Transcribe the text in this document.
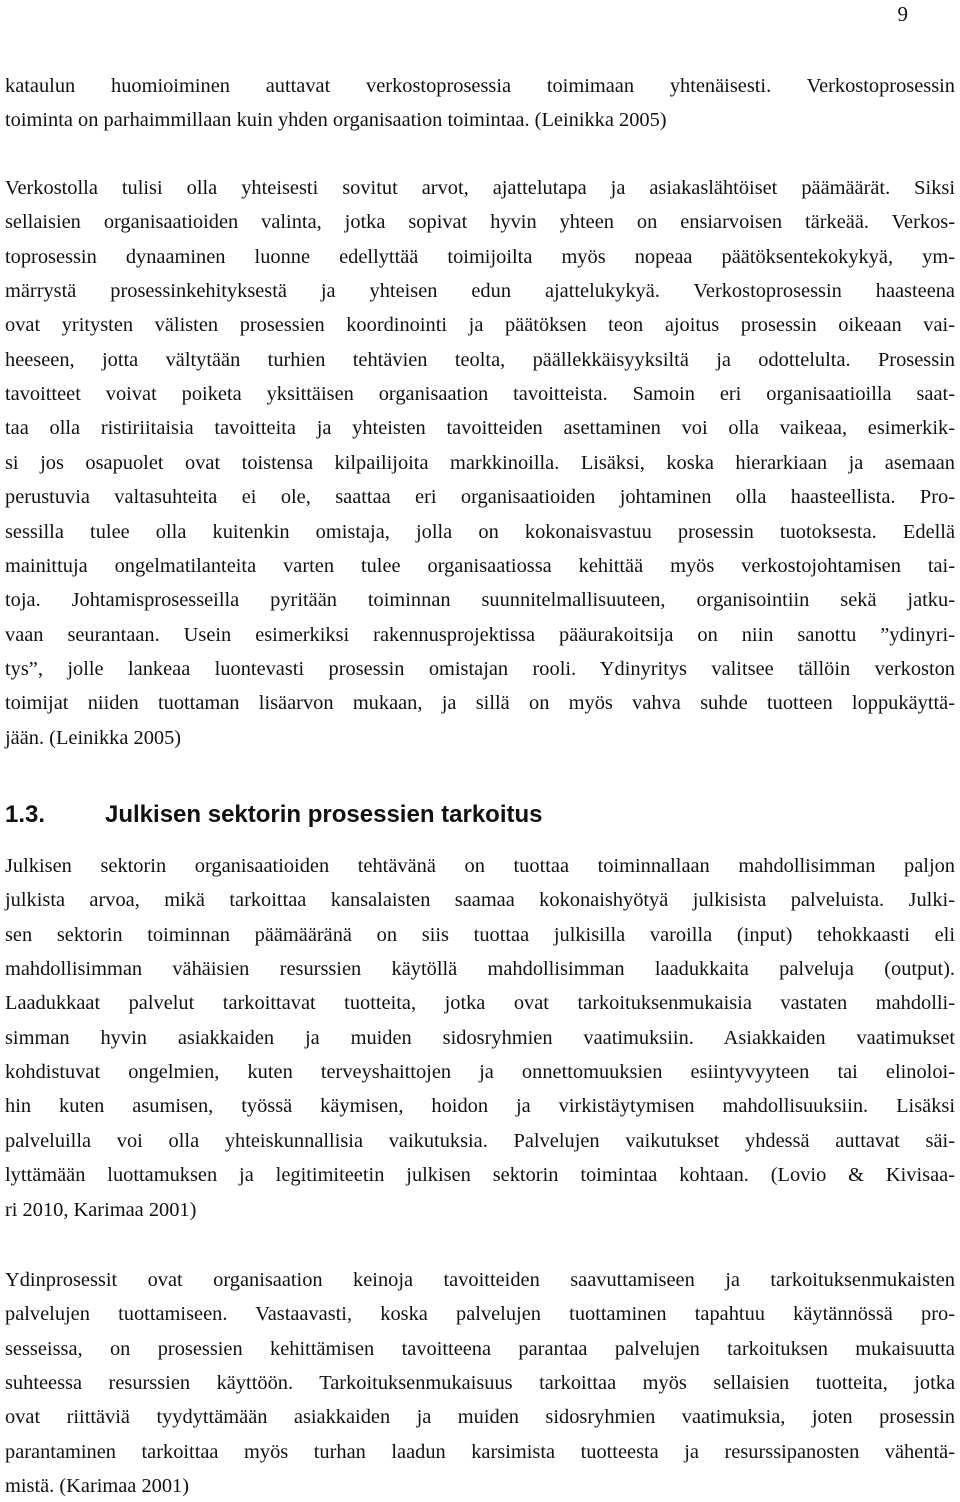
9
kataulun huomioiminen auttavat verkostoprosessia toimimaan yhtenäisesti. Verkostoprosessin
toiminta on parhaimmillaan kuin yhden organisaation toimintaa. (Leinikka 2005)
Verkostolla tulisi olla yhteisesti sovitut arvot, ajattelutapa ja asiakaslähtöiset päämäärät. Siksi
sellaisien organisaatioiden valinta, jotka sopivat hyvin yhteen on ensiarvoisen tärkeää. Verkos-
toprosessin dynaaminen luonne edellyttää toimijoilta myös nopeaa päätöksentekokykyä, ym-
märrystä prosessinkehityksestä ja yhteisen edun ajattelukykyä. Verkostoprosessin haasteena
ovat yritysten välisten prosessien koordinointi ja päätöksen teon ajoitus prosessin oikeaan vai-
heeseen, jotta vältytään turhien tehtävien teolta, päällekkäisyyksiltä ja odottelulta. Prosessin
tavoitteet voivat poiketa yksittäisen organisaation tavoitteista. Samoin eri organisaatioilla saat-
taa olla ristiriitaisia tavoitteita ja yhteisten tavoitteiden asettaminen voi olla vaikeaa, esimerkik-
si jos osapuolet ovat toistensa kilpailijoita markkinoilla. Lisäksi, koska hierarkiaan ja asemaan
perustuvia valtasuhteita ei ole, saattaa eri organisaatioiden johtaminen olla haasteellista. Pro-
sessilla tulee olla kuitenkin omistaja, jolla on kokonaisvastuu prosessin tuotoksesta. Edellä
mainittuja ongelmatilanteita varten tulee organisaatiossa kehittää myös verkostojohtamisen tai-
toja. Johtamisprosesseilla pyritään toiminnan suunnitelmallisuuteen, organisointiin sekä jatku-
vaan seurantaan. Usein esimerkiksi rakennusprojektissa pääurakoitsija on niin sanottu ”ydinyri-
tys”, jolle lankeaa luontevasti prosessin omistajan rooli. Ydinyritys valitsee tällöin verkoston
toimijat niiden tuottaman lisäarvon mukaan, ja sillä on myös vahva suhde tuotteen loppukäyttä-
jään. (Leinikka 2005)
Julkisen sektorin organisaatioiden tehtävänä on tuottaa toiminnallaan mahdollisimman paljon
julkista arvoa, mikä tarkoittaa kansalaisten saamaa kokonaishyötyä julkisista palveluista. Julki-
sen sektorin toiminnan päämääränä on siis tuottaa julkisilla varoilla (input) tehokkaasti eli
mahdollisimman vähäisien resurssien käytöllä mahdollisimman laadukkaita palveluja (output).
Laadukkaat palvelut tarkoittavat tuotteita, jotka ovat tarkoituksenmukaisia vastaten mahdolli-
simman hyvin asiakkaiden ja muiden sidosryhmien vaatimuksiin. Asiakkaiden vaatimukset
kohdistuvat ongelmien, kuten terveyshaittojen ja onnettomuuksien esiintyvyyteen tai elinoloi-
hin kuten asumisen, työssä käymisen, hoidon ja virkistäytymisen mahdollisuuksiin. Lisäksi
palveluilla voi olla yhteiskunnallisia vaikutuksia. Palvelujen vaikutukset yhdessä auttavat säi-
lyttämään luottamuksen ja legitimiteetin julkisen sektorin toimintaa kohtaan. (Lovio & Kivisaa-
ri 2010, Karimaa 2001)
Ydinprosessit ovat organisaation keinoja tavoitteiden saavuttamiseen ja tarkoituksenmukaisten
palvelujen tuottamiseen. Vastaavasti, koska palvelujen tuottaminen tapahtuu käytännössä pro-
sesseissa, on prosessien kehittämisen tavoitteena parantaa palvelujen tarkoituksen mukaisuutta
suhteessa resurssien käyttöön. Tarkoituksenmukaisuus tarkoittaa myös sellaisien tuotteita, jotka
ovat riittäviä tyydyttämään asiakkaiden ja muiden sidosryhmien vaatimuksia, joten prosessin
parantaminen tarkoittaa myös turhan laadun karsimista tuotteesta ja resurssipanosten vähentä-
mistä. (Karimaa 2001)
1.3. Julkisen sektorin prosessien tarkoitus
